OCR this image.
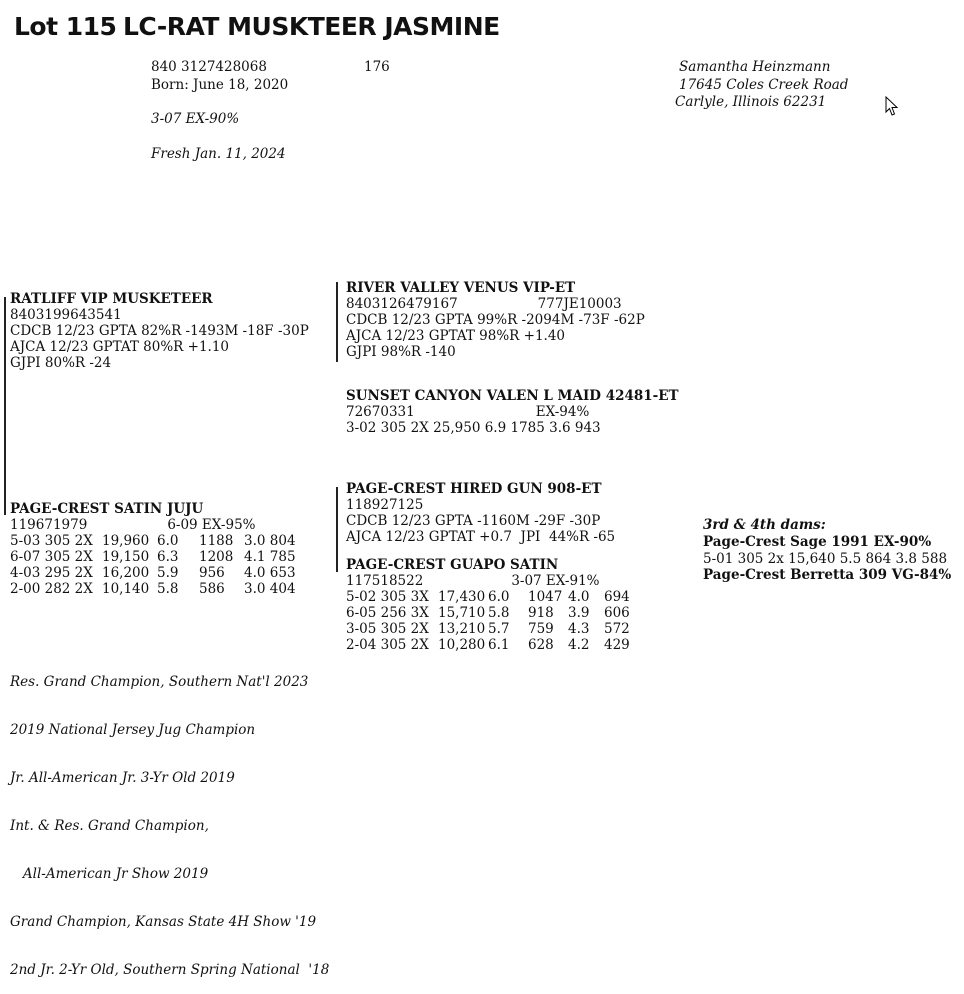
Lot 115 LC-RAT MUSKTEER JASMINE
840 3127428068	176
Born: June 18, 2020
3-07 EX-90%
Fresh Jan. 11, 2024
Samantha Heinzmann
17645 Coles Creek Road
Carlyle, Illinois 62231
RATLIFF VIP MUSKETEER
8403199643541
CDCB 12/23 GPTA 82%R -1493M -18F -30P
AJCA 12/23 GPTAT 80%R +1.10
GJPI 80%R -24
RIVER VALLEY VENUS VIP-ET
8403126479167	777JE10003
CDCB 12/23 GPTA 99%R -2094M -73F -62P
AJCA 12/23 GPTAT 98%R +1.40
GJPI 98%R -140
SUNSET CANYON VALEN L MAID 42481-ET
72670331	EX-94%
3-02 305 2X 25,950 6.9 1785 3.6 943
PAGE-CREST SATIN JUJU
119671979	6-09 EX-95%
5-03 305 2X	19,960	6.0	1188	3.0 804
6-07 305 2X	19,150	6.3	1208	4.1 785
4-03 295 2X	16,200	5.9	956	4.0 653
2-00 282 2X	10,140	5.8	586	3.0 404
PAGE-CREST HIRED GUN 908-ET
118927125
CDCB 12/23 GPTA -1160M -29F -30P
AJCA 12/23 GPTAT +0.7  JPI  44%R -65
PAGE-CREST GUAPO SATIN
117518522	3-07 EX-91%
5-02 305 3X	17,430	6.0	1047	4.0	694
6-05 256 3X	15,710	5.8	918	3.9	606
3-05 305 2X	13,210	5.7	759	4.3	572
2-04 305 2X	10,280	6.1	628	4.2	429
3rd & 4th dams:
Page-Crest Sage 1991 EX-90%
5-01 305 2x 15,640 5.5 864 3.8 588
Page-Crest Berretta 309 VG-84%

Res. Grand Champion, Southern Nat'l 2023

2019 National Jersey Jug Champion

Jr. All-American Jr. 3-Yr Old 2019

Int. & Res. Grand Champion,

All-American Jr Show 2019

Grand Champion, Kansas State 4H Show '19

2nd Jr. 2-Yr Old, Southern Spring National  '18
